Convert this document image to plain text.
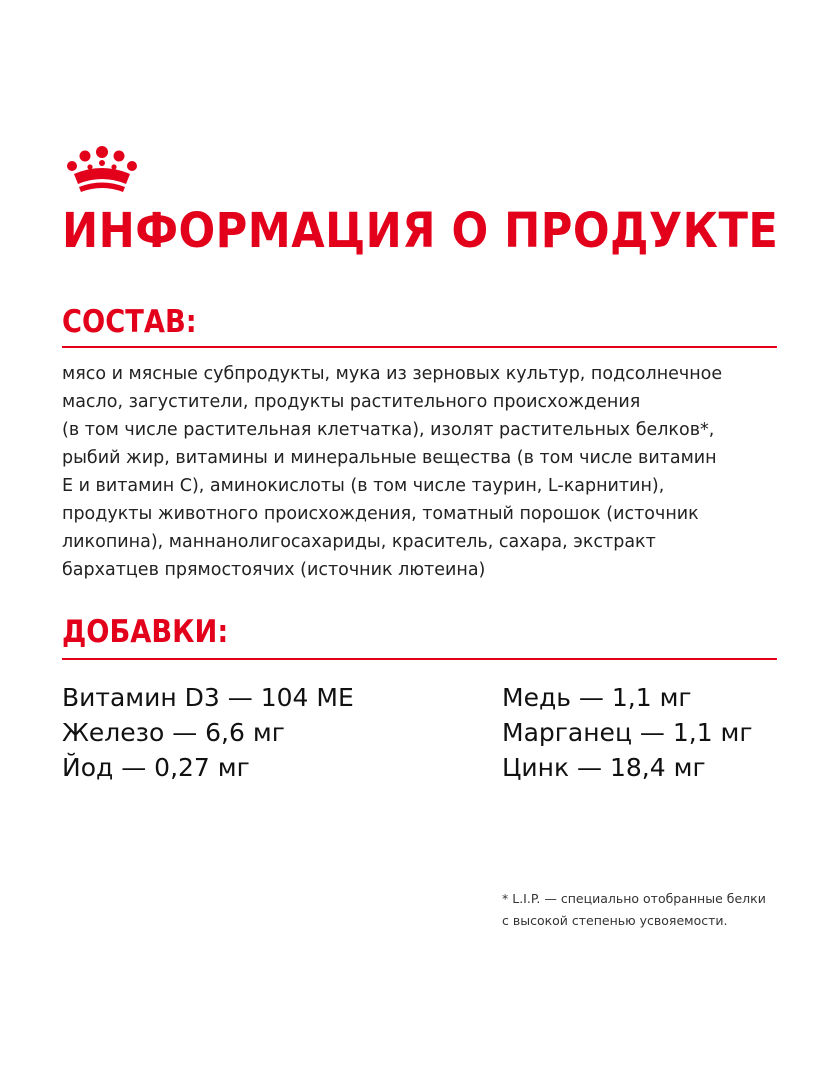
ИНФОРМАЦИЯ О ПРОДУКТЕ
СОСТАВ:

мясо и мясные субпродукты, мука из зерновых культур, подсолнечное
масло, загустители, продукты растительного происхождения
(в том числе растительная клетчатка), изолят растительных белков*,
рыбий жир, витамины и минеральные вещества (в том числе витамин
E и витамин C), аминокислоты (в том числе таурин, L-карнитин),
продукты животного происхождения, томатный порошок (источник
ликопина), маннанолигосахариды, краситель, сахара, экстракт
бархатцев прямостоячих (источник лютеина)

ДОБАВКИ:
Витамин D3 — 104 МЕ
Железо — 6,6 мг
Йод — 0,27 мг
Медь — 1,1 мг
Марганец — 1,1 мг
Цинк — 18,4 мг

* L.I.P. — специально отобранные белки
с высокой степенью усвояемости.
